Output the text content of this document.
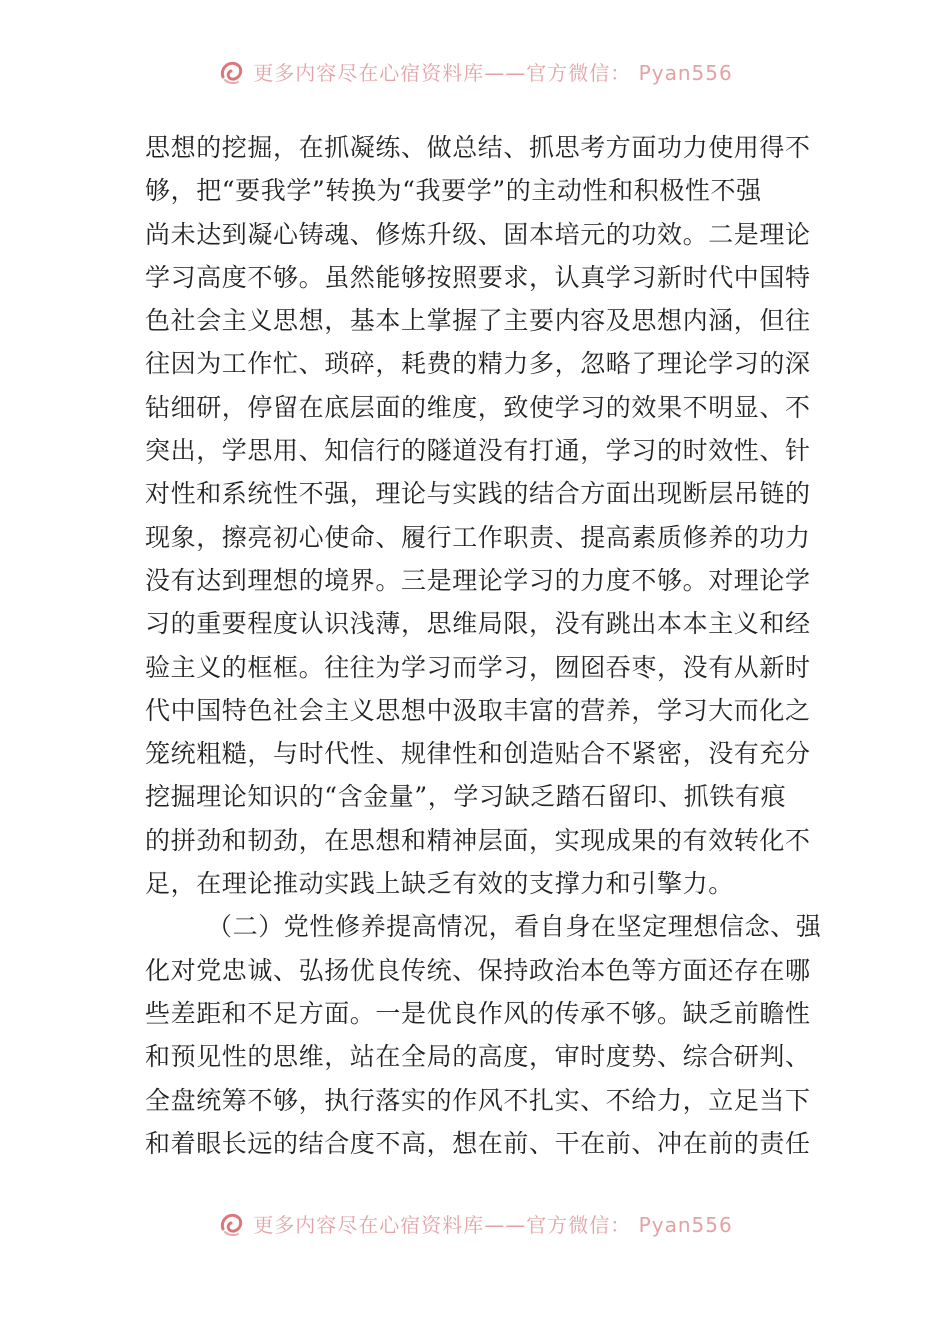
更多内容尽在心宿资料库——官方微信： Pyan556
思想的挖掘，在抓凝练、做总结、抓思考方面功力使用得不
够，把“要我学”转换为“我要学”的主动性和积极性不强
尚未达到凝心铸魂、修炼升级、固本培元的功效。二是理论
学习高度不够。虽然能够按照要求，认真学习新时代中国特
色社会主义思想，基本上掌握了主要内容及思想内涵，但往
往因为工作忙、琐碎，耗费的精力多，忽略了理论学习的深
钻细研，停留在底层面的维度，致使学习的效果不明显、不
突出，学思用、知信行的隧道没有打通，学习的时效性、针
对性和系统性不强，理论与实践的结合方面出现断层吊链的
现象，擦亮初心使命、履行工作职责、提高素质修养的功力
没有达到理想的境界。三是理论学习的力度不够。对理论学
习的重要程度认识浅薄，思维局限，没有跳出本本主义和经
验主义的框框。往往为学习而学习，囫囵吞枣，没有从新时
代中国特色社会主义思想中汲取丰富的营养，学习大而化之
笼统粗糙，与时代性、规律性和创造贴合不紧密，没有充分
挖掘理论知识的“含金量”，学习缺乏踏石留印、抓铁有痕
的拼劲和韧劲，在思想和精神层面，实现成果的有效转化不
足，在理论推动实践上缺乏有效的支撑力和引擎力。
（二）党性修养提高情况，看自身在坚定理想信念、强
化对党忠诚、弘扬优良传统、保持政治本色等方面还存在哪
些差距和不足方面。一是优良作风的传承不够。缺乏前瞻性
和预见性的思维，站在全局的高度，审时度势、综合研判、
全盘统筹不够，执行落实的作风不扎实、不给力，立足当下
和着眼长远的结合度不高，想在前、干在前、冲在前的责任
更多内容尽在心宿资料库——官方微信： Pyan556
